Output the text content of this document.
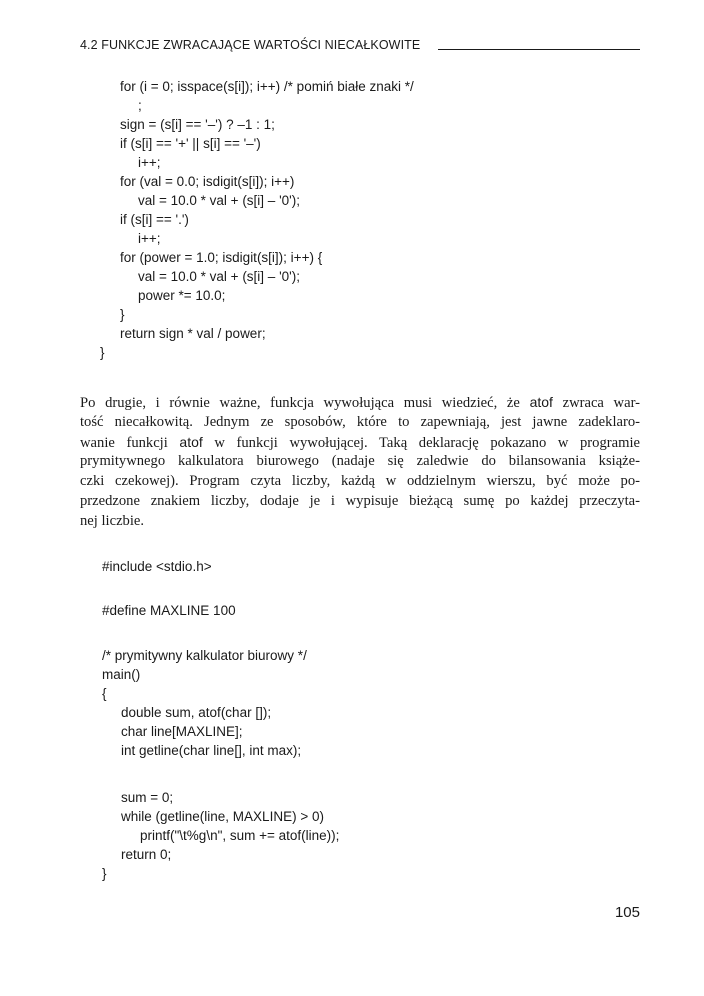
4.2 FUNKCJE ZWRACAJĄCE WARTOŚCI NIECAŁKOWITE
for (i = 0; isspace(s[i]); i++) /* pomiń białe znaki */
;
sign = (s[i] == '–') ? –1 : 1;
if (s[i] == '+' || s[i] == '–')
i++;
for (val = 0.0; isdigit(s[i]); i++)
val = 10.0 * val + (s[i] – '0');
if (s[i] == '.')
i++;
for (power = 1.0; isdigit(s[i]); i++) {
val = 10.0 * val + (s[i] – '0');
power *= 10.0;
}
return sign * val / power;
}
Po drugie, i równie ważne, funkcja wywołująca musi wiedzieć, że atof zwraca war-
tość niecałkowitą. Jednym ze sposobów, które to zapewniają, jest jawne zadeklaro-
wanie funkcji atof w funkcji wywołującej. Taką deklarację pokazano w programie
prymitywnego kalkulatora biurowego (nadaje się zaledwie do bilansowania książe-
czki czekowej). Program czyta liczby, każdą w oddzielnym wierszu, być może po-
przedzone znakiem liczby, dodaje je i wypisuje bieżącą sumę po każdej przeczyta-
nej liczbie.
#include <stdio.h>
#define MAXLINE 100
/* prymitywny kalkulator biurowy */
main()
{
double sum, atof(char []);
char line[MAXLINE];
int getline(char line[], int max);
sum = 0;
while (getline(line, MAXLINE) > 0)
printf("\t%g\n", sum += atof(line));
return 0;
}
105
